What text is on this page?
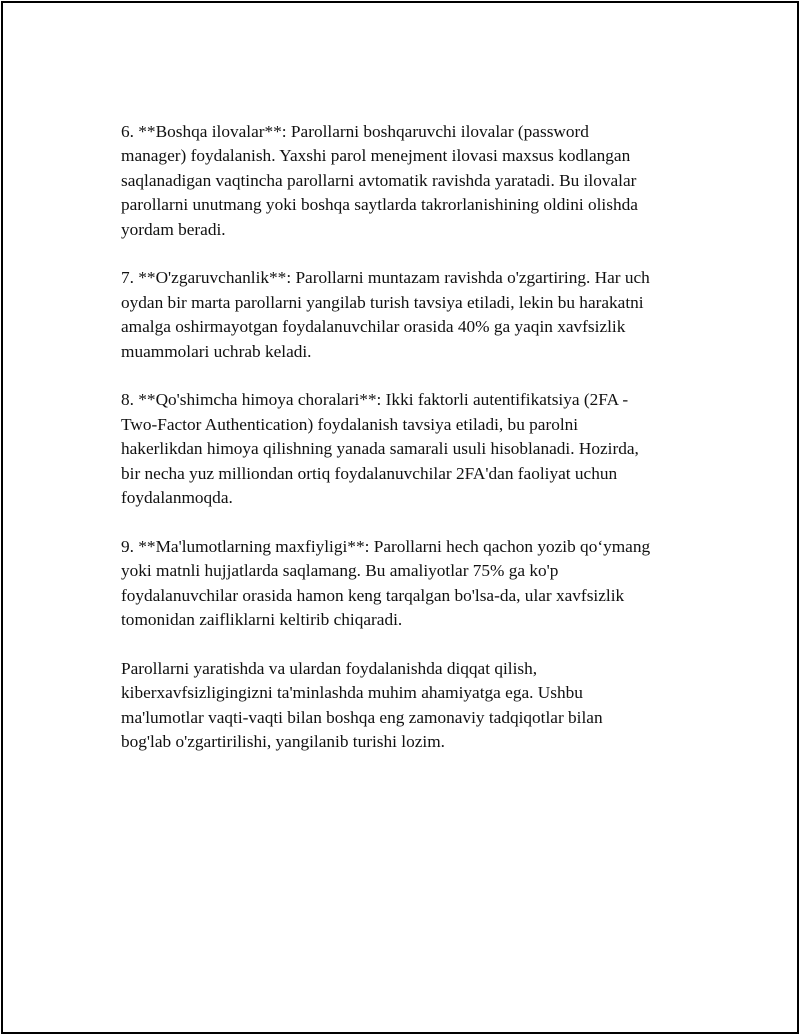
6. **Boshqa ilovalar**: Parollarni boshqaruvchi ilovalar (password
manager) foydalanish. Yaxshi parol menejment ilovasi maxsus kodlangan
saqlanadigan vaqtincha parollarni avtomatik ravishda yaratadi. Bu ilovalar
parollarni unutmang yoki boshqa saytlarda takrorlanishining oldini olishda
yordam beradi.

7. **O'zgaruvchanlik**: Parollarni muntazam ravishda o'zgartiring. Har uch
oydan bir marta parollarni yangilab turish tavsiya etiladi, lekin bu harakatni
amalga oshirmayotgan foydalanuvchilar orasida 40% ga yaqin xavfsizlik
muammolari uchrab keladi.

8. **Qo'shimcha himoya choralari**: Ikki faktorli autentifikatsiya (2FA -
Two-Factor Authentication) foydalanish tavsiya etiladi, bu parolni
hakerlikdan himoya qilishning yanada samarali usuli hisoblanadi. Hozirda,
bir necha yuz milliondan ortiq foydalanuvchilar 2FA'dan faoliyat uchun
foydalanmoqda.

9. **Ma'lumotlarning maxfiyligi**: Parollarni hech qachon yozib qo‘ymang
yoki matnli hujjatlarda saqlamang. Bu amaliyotlar 75% ga ko'p
foydalanuvchilar orasida hamon keng tarqalgan bo'lsa-da, ular xavfsizlik
tomonidan zaifliklarni keltirib chiqaradi.

Parollarni yaratishda va ulardan foydalanishda diqqat qilish,
kiberxavfsizligingizni ta'minlashda muhim ahamiyatga ega. Ushbu
ma'lumotlar vaqti-vaqti bilan boshqa eng zamonaviy tadqiqotlar bilan
bog'lab o'zgartirilishi, yangilanib turishi lozim.
